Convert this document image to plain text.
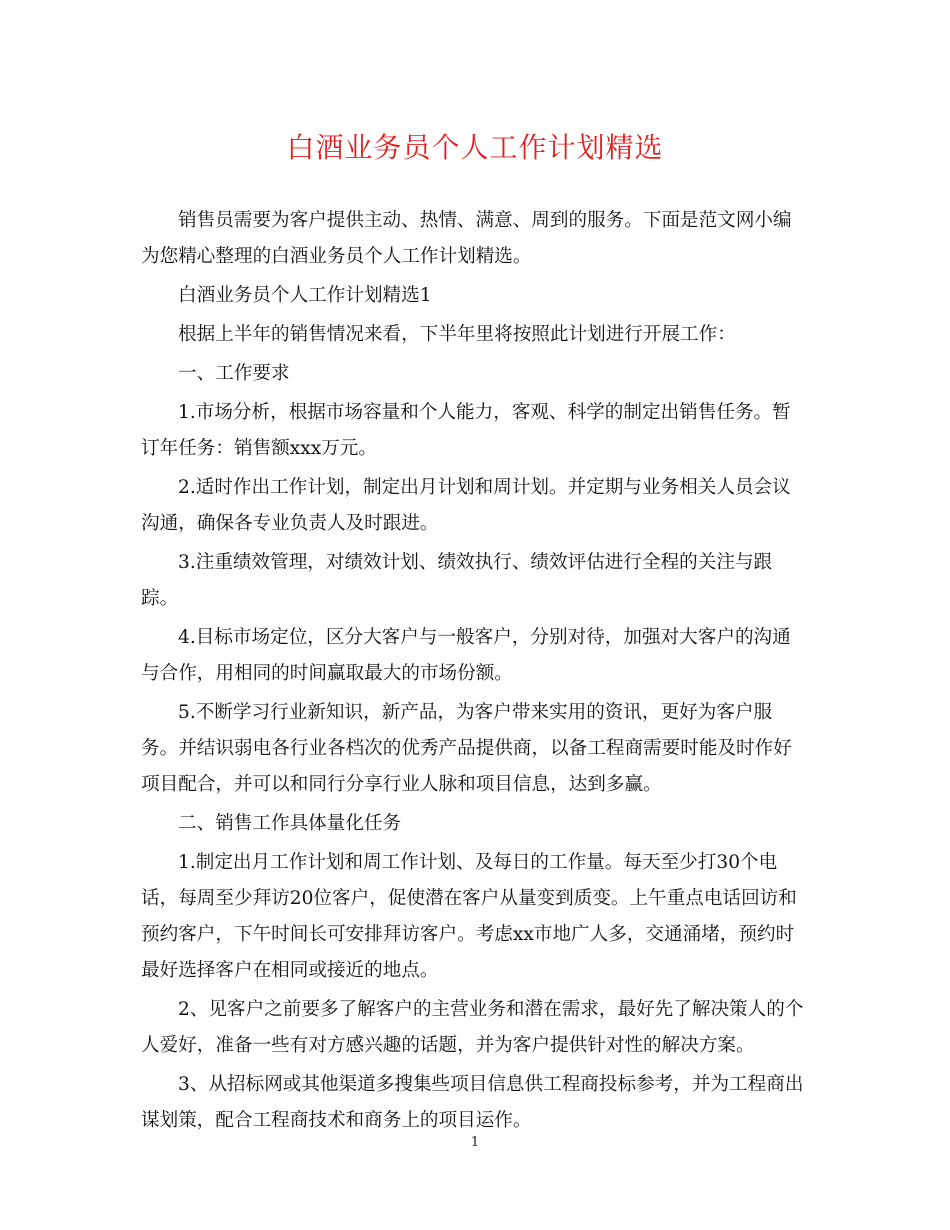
白酒业务员个人工作计划精选

销售员需要为客户提供主动、热情、满意、周到的服务。下面是范文网小编为您精心整理的白酒业务员个人工作计划精选。

白酒业务员个人工作计划精选1

根据上半年的销售情况来看，下半年里将按照此计划进行开展工作：

一、工作要求

1.市场分析，根据市场容量和个人能力，客观、科学的制定出销售任务。暂订年任务：销售额xxx万元。

2.适时作出工作计划，制定出月计划和周计划。并定期与业务相关人员会议沟通，确保各专业负责人及时跟进。

3.注重绩效管理，对绩效计划、绩效执行、绩效评估进行全程的关注与跟踪。

4.目标市场定位，区分大客户与一般客户，分别对待，加强对大客户的沟通与合作，用相同的时间赢取最大的市场份额。

5.不断学习行业新知识，新产品，为客户带来实用的资讯，更好为客户服务。并结识弱电各行业各档次的优秀产品提供商，以备工程商需要时能及时作好项目配合，并可以和同行分享行业人脉和项目信息，达到多赢。

二、销售工作具体量化任务

1.制定出月工作计划和周工作计划、及每日的工作量。每天至少打30个电话，每周至少拜访20位客户，促使潜在客户从量变到质变。上午重点电话回访和预约客户，下午时间长可安排拜访客户。考虑xx市地广人多，交通涌堵，预约时最好选择客户在相同或接近的地点。

2、见客户之前要多了解客户的主营业务和潜在需求，最好先了解决策人的个人爱好，准备一些有对方感兴趣的话题，并为客户提供针对性的解决方案。

3、从招标网或其他渠道多搜集些项目信息供工程商投标参考，并为工程商出谋划策，配合工程商技术和商务上的项目运作。

1
